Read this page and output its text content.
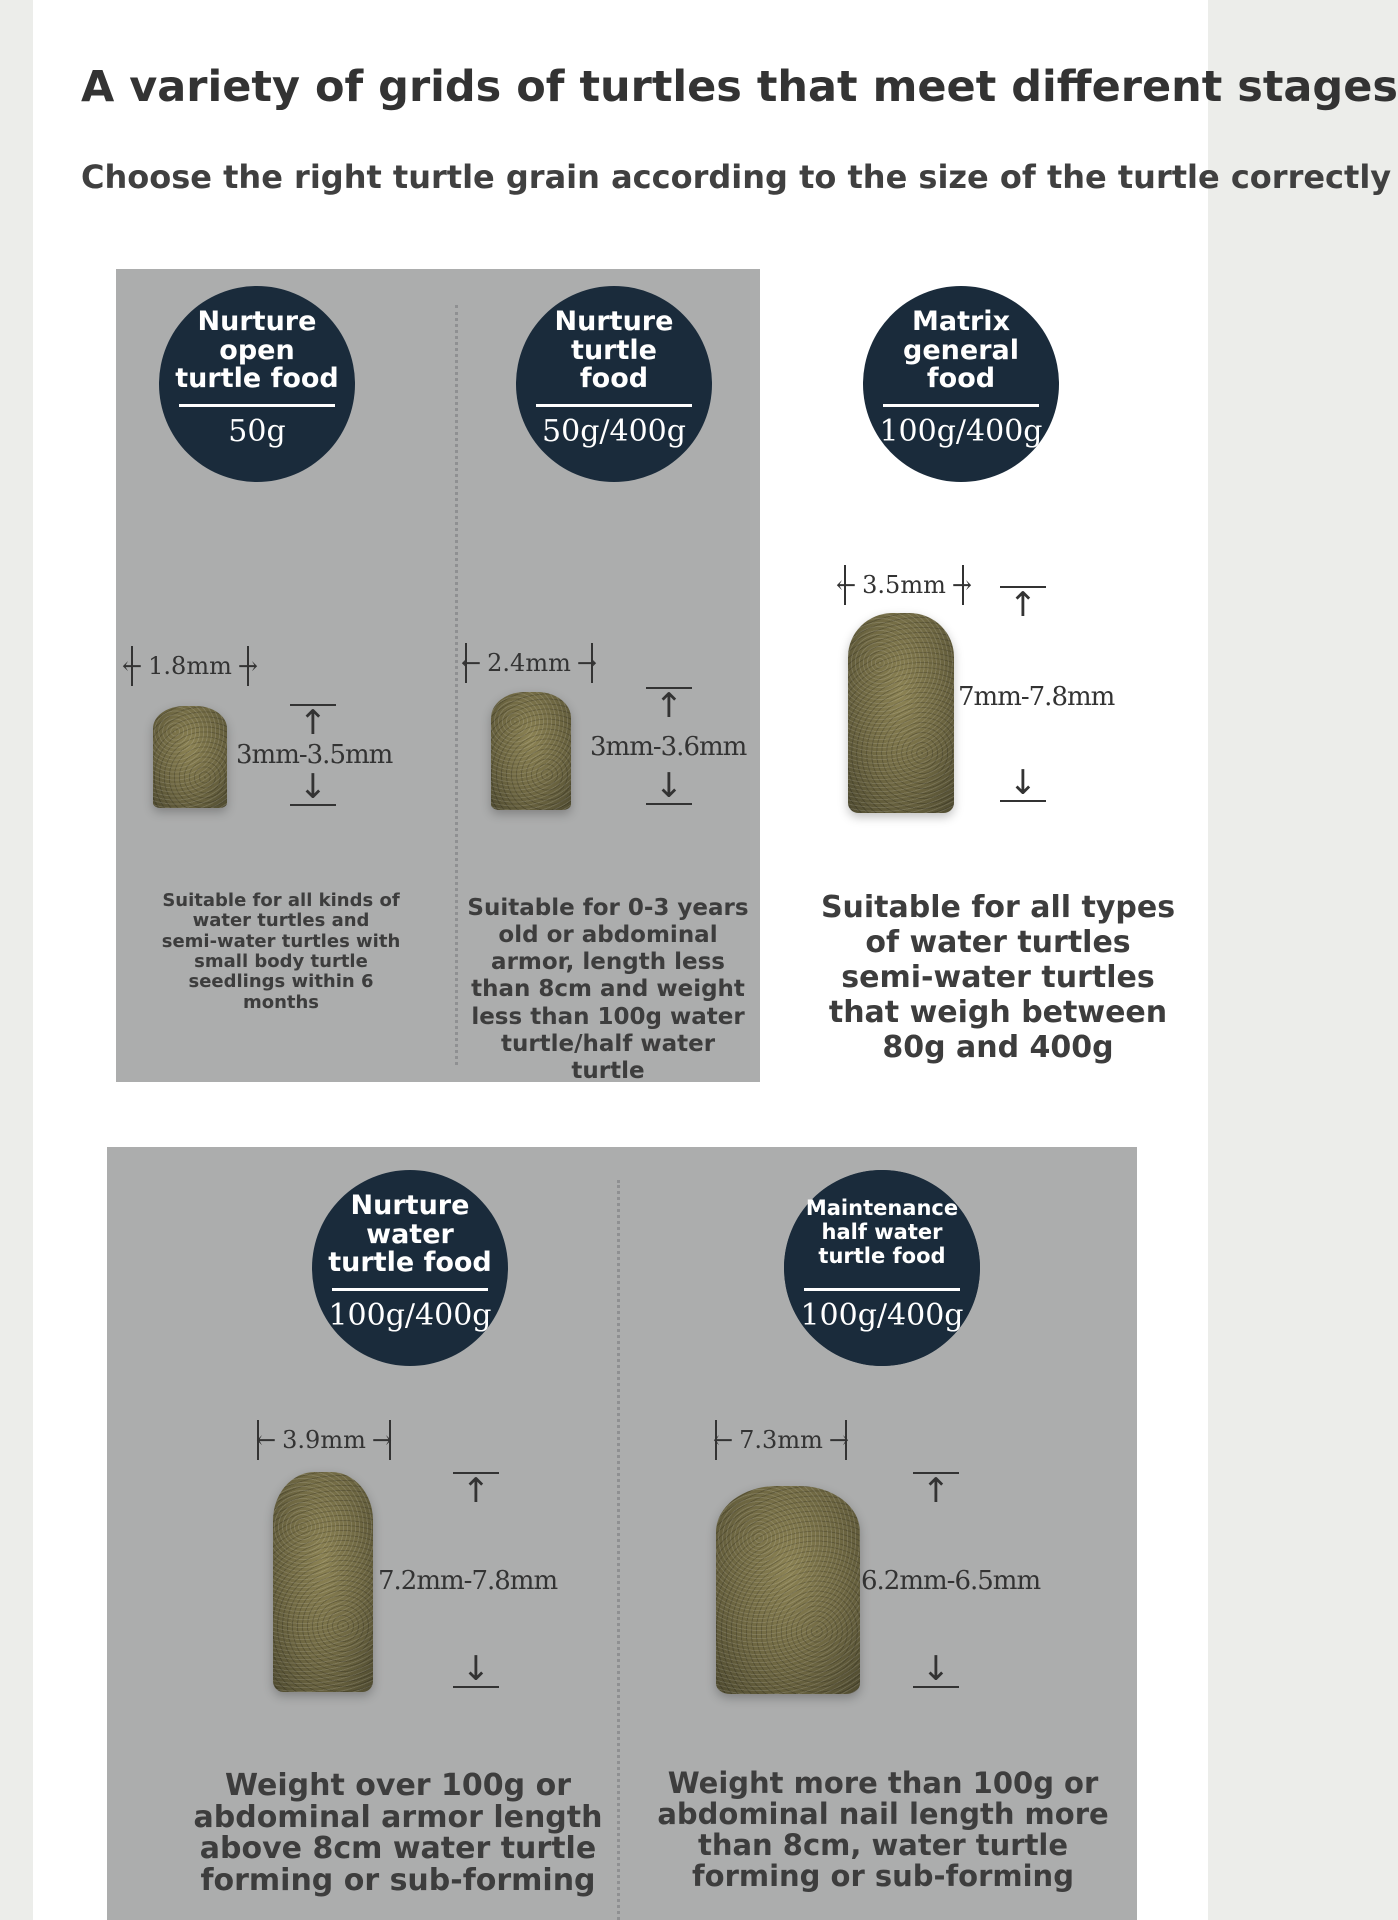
A variety of grids of turtles that meet different stages
Choose the right turtle grain according to the size of the turtle correctly
Nurture
open
turtle food
50g
← 1.8mm →
↑
↓
3mm-3.5mm
Suitable for all kinds of
water turtles and
semi-water turtles with
small body turtle
seedlings within 6
months
Nurture
turtle
food
50g/400g
← 2.4mm →
↑
↓
3mm-3.6mm
Suitable for 0-3 years
old or abdominal
armor, length less
than 8cm and weight
less than 100g water
turtle/half water turtle
Matrix
general
food
100g/400g
← 3.5mm → ↑
↓
7mm-7.8mm
Suitable for all types
of water turtles
semi-water turtles
that weigh between
80g and 400g
Nurture
water
turtle food
100g/400g
← 3.9mm →
↑
↓
7.2mm-7.8mm
Weight over 100g or
abdominal armor length
above 8cm water turtle
forming or sub-forming
Maintenance
half water
turtle food
100g/400g
← 7.3mm →
↑
↓
6.2mm-6.5mm
Weight more than 100g or
abdominal nail length more
than 8cm, water turtle
forming or sub-forming
